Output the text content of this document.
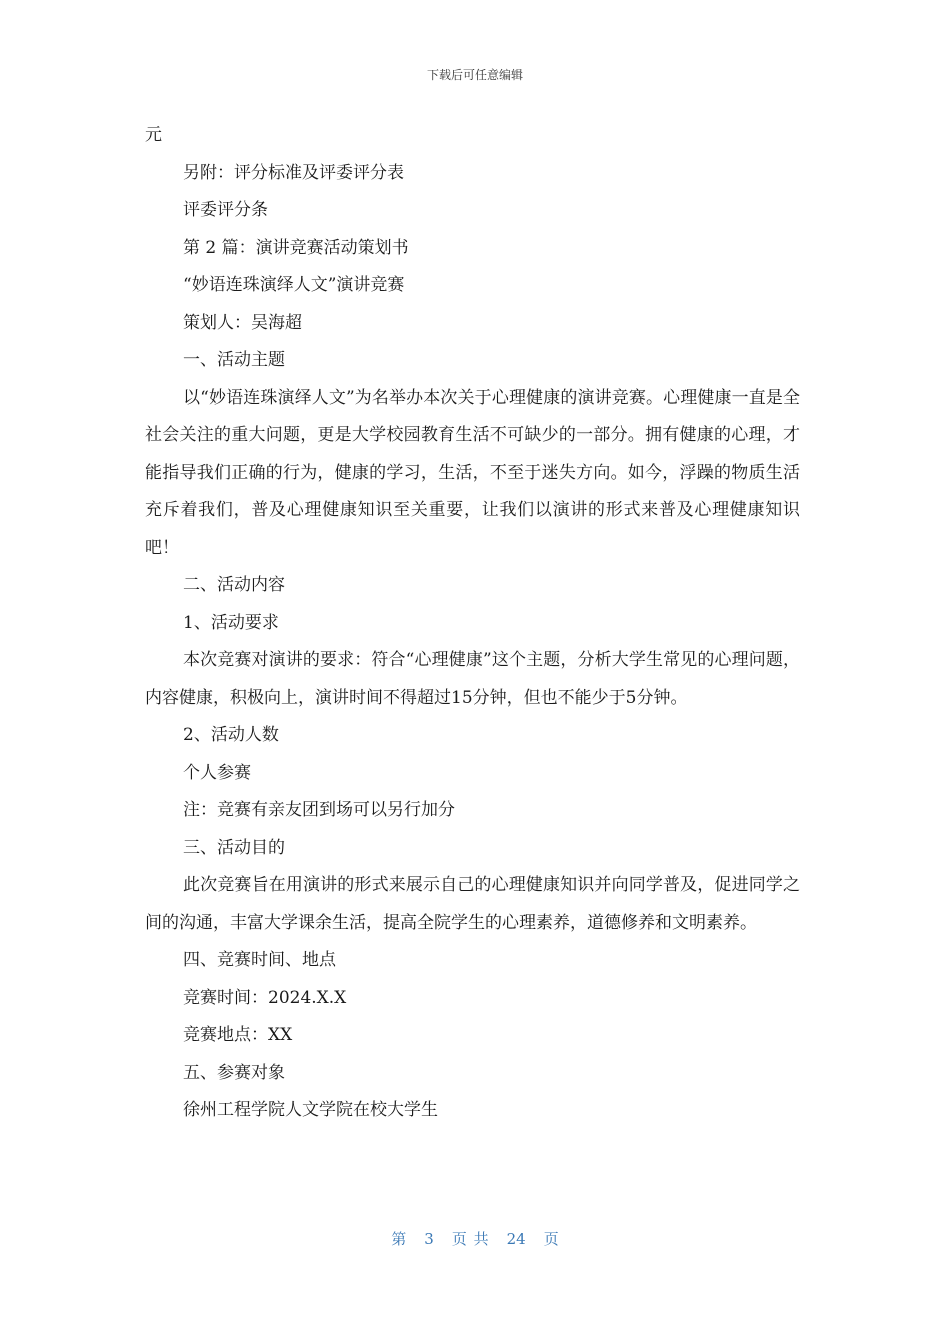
下载后可任意编辑

元

另附：评分标准及评委评分表

评委评分条

第 2 篇：演讲竞赛活动策划书

“妙语连珠演绎人文”演讲竞赛

策划人：吴海超

一、活动主题

以“妙语连珠演绎人文”为名举办本次关于心理健康的演讲竞赛。心理健康一直是全社会关注的重大问题，更是大学校园教育生活不可缺少的一部分。拥有健康的心理，才能指导我们正确的行为，健康的学习，生活，不至于迷失方向。如今，浮躁的物质生活充斥着我们，普及心理健康知识至关重要，让我们以演讲的形式来普及心理健康知识吧！

二、活动内容

1、活动要求

本次竞赛对演讲的要求：符合“心理健康”这个主题，分析大学生常见的心理问题，内容健康，积极向上，演讲时间不得超过15分钟，但也不能少于5分钟。

2、活动人数

个人参赛

注：竞赛有亲友团到场可以另行加分

三、活动目的

此次竞赛旨在用演讲的形式来展示自己的心理健康知识并向同学普及，促进同学之间的沟通，丰富大学课余生活，提高全院学生的心理素养，道德修养和文明素养。

四、竞赛时间、地点

竞赛时间：2024.X.X

竞赛地点：XX

五、参赛对象

徐州工程学院人文学院在校大学生

第 3 页 共 24 页
